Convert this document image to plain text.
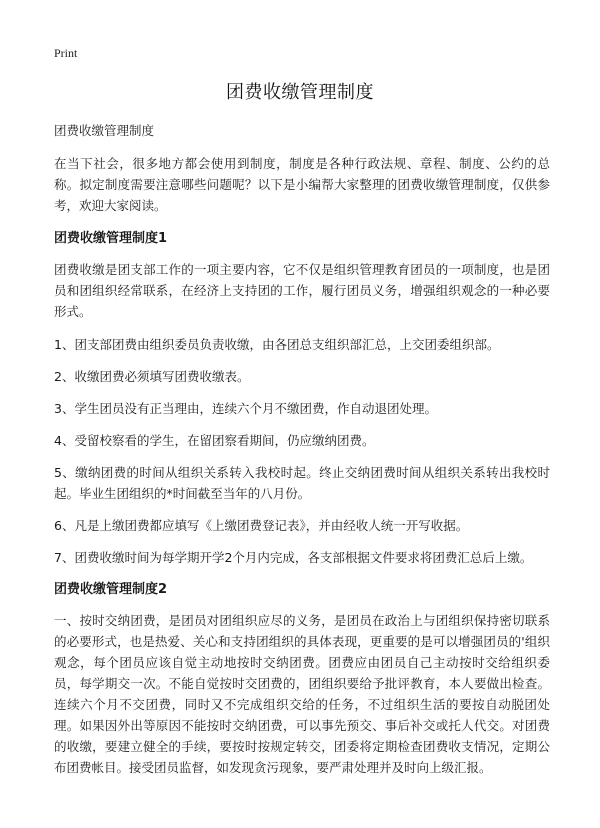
Print
团费收缴管理制度

团费收缴管理制度

在当下社会，很多地方都会使用到制度，制度是各种行政法规、章程、制度、公约的总称。拟定制度需要注意哪些问题呢？以下是小编帮大家整理的团费收缴管理制度，仅供参考，欢迎大家阅读。

团费收缴管理制度1

团费收缴是团支部工作的一项主要内容，它不仅是组织管理教育团员的一项制度，也是团员和团组织经常联系，在经济上支持团的工作，履行团员义务，增强组织观念的一种必要形式。

1、团支部团费由组织委员负责收缴，由各团总支组织部汇总，上交团委组织部。

2、收缴团费必须填写团费收缴表。

3、学生团员没有正当理由，连续六个月不缴团费，作自动退团处理。

4、受留校察看的学生，在留团察看期间，仍应缴纳团费。

5、缴纳团费的时间从组织关系转入我校时起。终止交纳团费时间从组织关系转出我校时起。毕业生团组织的*时间截至当年的八月份。

6、凡是上缴团费都应填写《上缴团费登记表》，并由经收人统一开写收据。

7、团费收缴时间为每学期开学2个月内完成，各支部根据文件要求将团费汇总后上缴。

团费收缴管理制度2

一、按时交纳团费，是团员对团组织应尽的义务，是团员在政治上与团组织保持密切联系的必要形式，也是热爱、关心和支持团组织的具体表现，更重要的是可以增强团员的'组织观念，每个团员应该自觉主动地按时交纳团费。团费应由团员自己主动按时交给组织委员，每学期交一次。不能自觉按时交团费的，团组织要给予批评教育，本人要做出检查。连续六个月不交团费，同时又不完成组织交给的任务，不过组织生活的要按自动脱团处理。如果因外出等原因不能按时交纳团费，可以事先预交、事后补交或托人代交。对团费的收缴，要建立健全的手续，要按时按规定转交，团委将定期检查团费收支情况，定期公布团费帐目。接受团员监督，如发现贪污现象，要严肃处理并及时向上级汇报。
